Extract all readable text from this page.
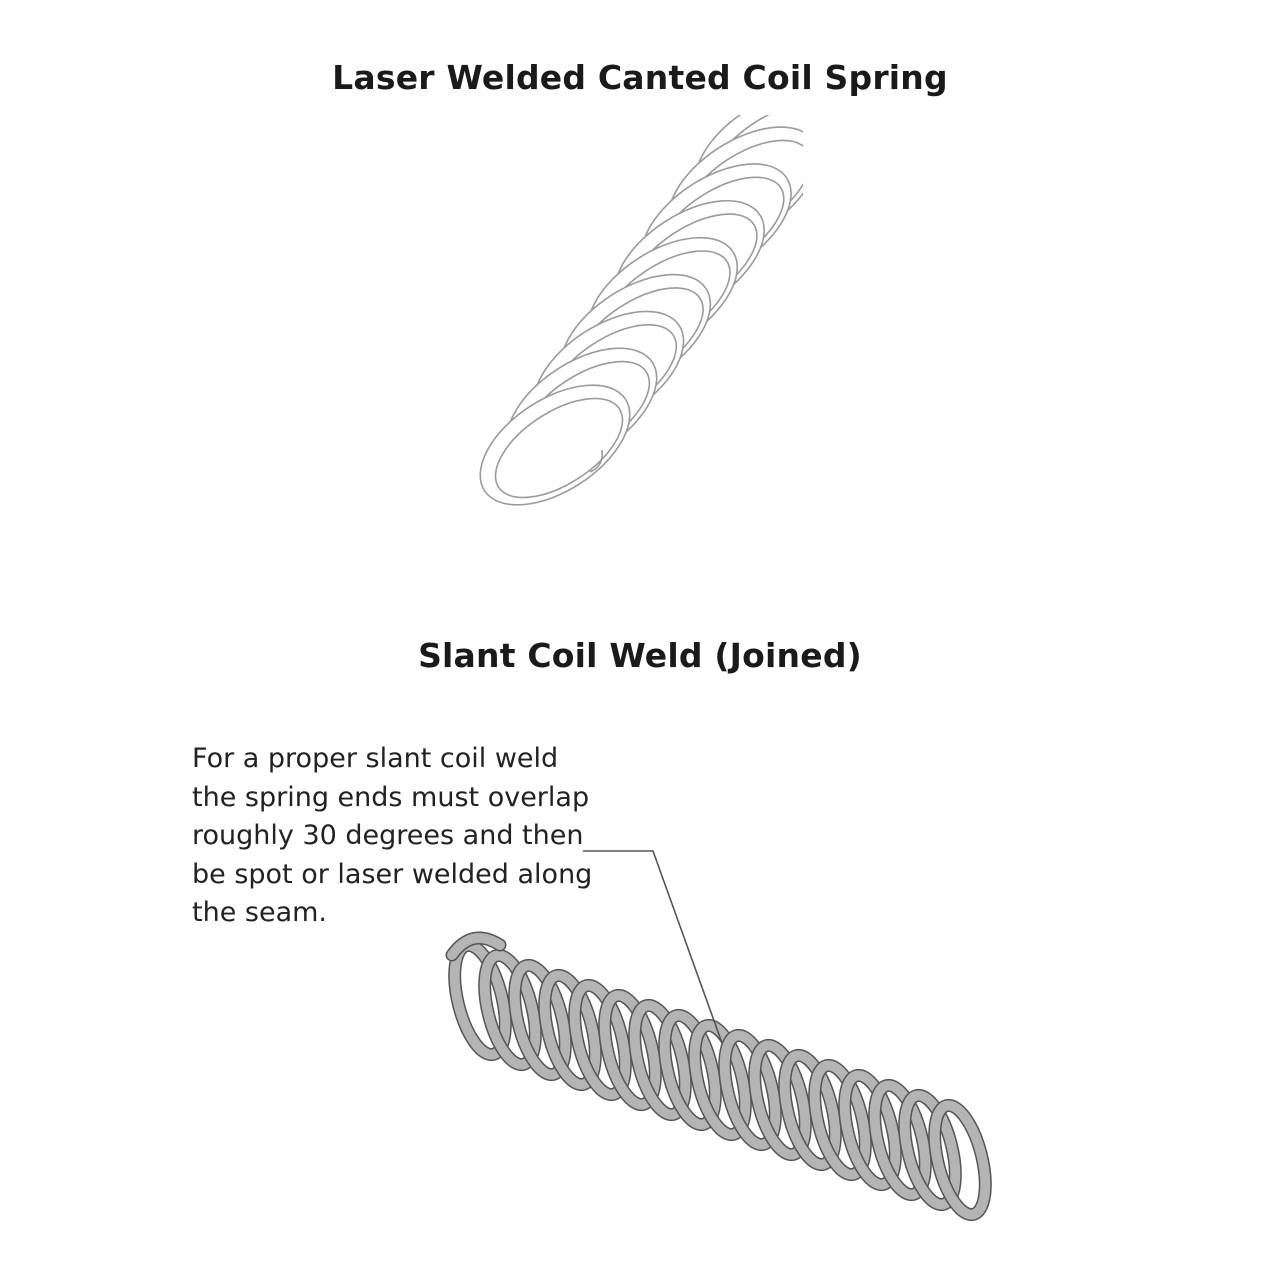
Laser Welded Canted Coil Spring
Slant Coil Weld (Joined)

For a proper slant coil weld
the spring ends must overlap
roughly 30 degrees and then
be spot or laser welded along
the seam.
